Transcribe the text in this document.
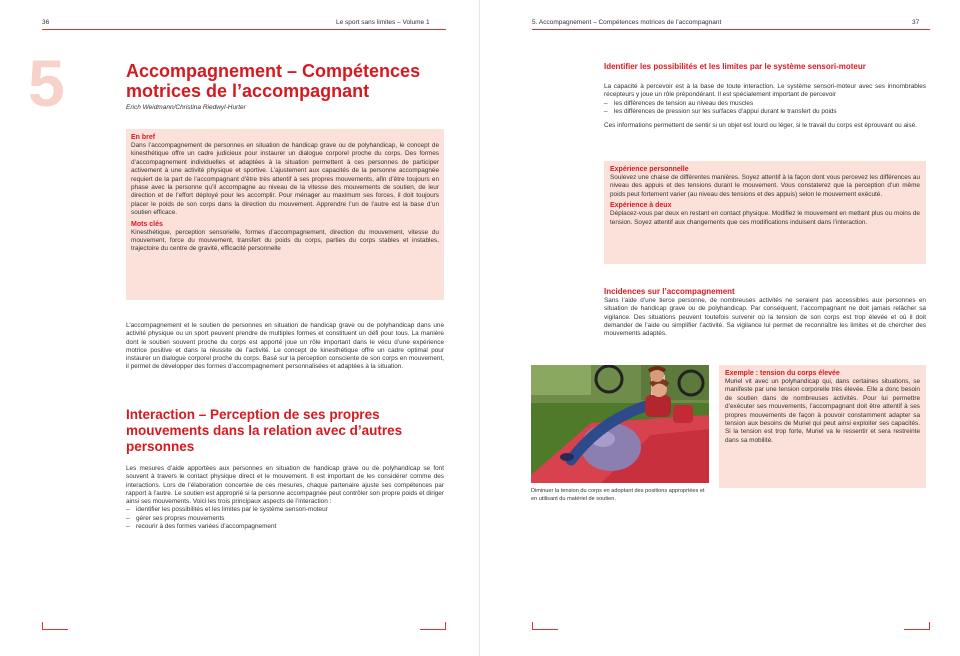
36	Le sport sans limites – Volume 1
5	Accompagnement – Compétences motrices de l’accompagnant
Erich Weidmann/Christina Riedwyl-Hurter
En bref
Dans l’accompagnement de personnes en situation de handicap grave ou de polyhandicap, le concept de kinesthétique offre un cadre judicieux pour instaurer un dialogue corporel proche du corps. Des formes d’accompagnement individuelles et adaptées à la situation permettent à ces personnes de participer activement à une activité physique et sportive. L’ajustement aux capacités de la personne accompagnée requiert de la part de l’accompagnant d’être très attentif à ses propres mouvements, afin d’être toujours en phase avec la personne qu’il accompagne au niveau de la vitesse des mouvements de soutien, de leur direction et de l’effort déployé pour les accomplir. Pour ménager au maximum ses forces, il doit toujours placer le poids de son corps dans la direction du mouvement. Apprendre l’un de l’autre est la base d’un soutien efficace.
Mots clés
Kinesthétique, perception sensorielle, formes d’accompagnement, direction du mouvement, vitesse du mouvement, force du mouvement, transfert du poids du corps, parties du corps stables et instables, trajectoire du centre de gravité, efficacité personnelle
L’accompagnement et le soutien de personnes en situation de handicap grave ou de polyhandicap dans une activité physique ou un sport peuvent prendre de multiples formes et constituent un défi pour tous. La manière dont le soutien souvent proche du corps est apporté joue un rôle important dans le vécu d’une expérience motrice positive et dans la réussite de l’activité. Le concept de kinesthétique offre un cadre optimal pour instaurer un dialogue corporel proche du corps. Basé sur la perception consciente de son corps en mouvement, il permet de développer des formes d’accompagnement personnalisées et adaptées à la situation.
Interaction – Perception de ses propres mouvements dans la relation avec d’autres personnes
Les mesures d’aide apportées aux personnes en situation de handicap grave ou de polyhandicap se font souvent à travers le contact physique direct et le mouvement. Il est important de les considérer comme des interactions. Lors de l’élaboration concertée de ces mesures, chaque partenaire ajuste ses compétences par rapport à l’autre. Le soutien est approprié si la personne accompagnée peut contrôler son propre poids et diriger ainsi ses mouvements. Voici les trois principaux aspects de l’interaction :
– identifier les possibilités et les limites par le système sensori-moteur
– gérer ses propres mouvements
– recourir à des formes variées d’accompagnement
5. Accompagnement – Compétences motrices de l’accompagnant	37
Identifier les possibilités et les limites par le système sensori-moteur
La capacité à percevoir est à la base de toute interaction. Le système sensori-moteur avec ses innombrables récepteurs y joue un rôle prépondérant. Il est spécialement important de percevoir
– les différences de tension au niveau des muscles
– les différences de pression sur les surfaces d’appui durant le transfert du poids
Ces informations permettent de sentir si un objet est lourd ou léger, si le travail du corps est éprouvant ou aisé.
Expérience personnelle
Soulevez une chaise de différentes manières. Soyez attentif à la façon dont vous percevez les différences au niveau des appuis et des tensions durant le mouvement. Vous constaterez que la perception d’un même poids peut fortement varier (au niveau des tensions et des appuis) selon le mouvement exécuté.
Expérience à deux
Déplacez-vous par deux en restant en contact physique. Modifiez le mouvement en mettant plus ou moins de tension. Soyez attentif aux changements que ces modifications induisent dans l’interaction.
Incidences sur l’accompagnement
Sans l’aide d’une tierce personne, de nombreuses activités ne seraient pas accessibles aux personnes en situation de handicap grave ou de polyhandicap. Par conséquent, l’accompagnant ne doit jamais relâcher sa vigilance. Des situations peuvent toutefois survenir où la tension de son corps est trop élevée et où il doit demander de l’aide ou simplifier l’activité. Sa vigilance lui permet de reconnaître les limites et de chercher des mouvements adaptés.
Exemple : tension du corps élevée
Muriel vit avec un polyhandicap qui, dans certaines situations, se manifeste par une tension corporelle très élevée. Elle a donc besoin de soutien dans de nombreuses activités. Pour lui permettre d’exécuter ses mouvements, l’accompagnant doit être attentif à ses propres mouvements de façon à pouvoir constamment adapter sa tension aux besoins de Muriel qui peut ainsi exploiter ses capacités. Si la tension est trop forte, Muriel va le ressentir et sera restreinte dans sa mobilité.
Diminuer la tension du corps en adoptant des positions appropriées et en utilisant du matériel de soutien.
